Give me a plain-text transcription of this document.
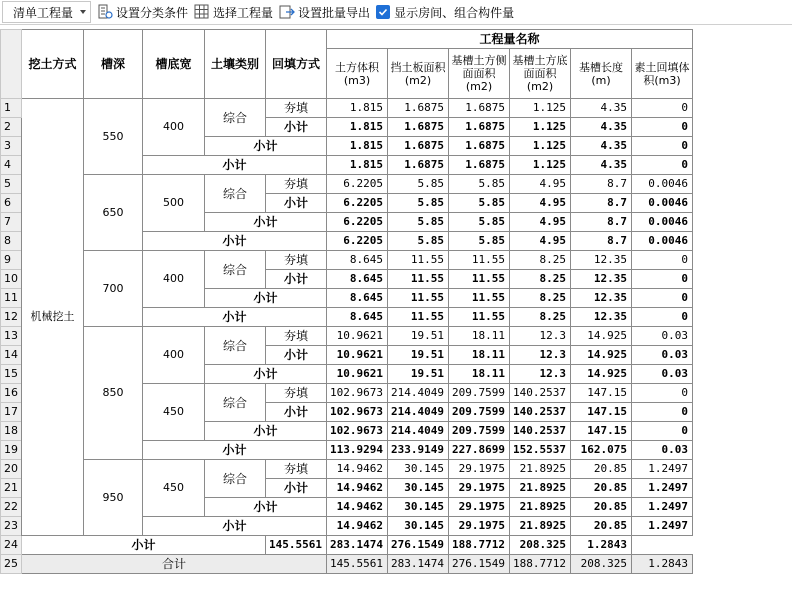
清单工程量	设置分类条件 选择工程量 设置批量导出 显示房间、组合构件量
	挖土方式	槽深	槽底宽	土壤类别	回填方式	工程量名称					
						土方体积(m3)	挡土板面积(m2)	基槽土方侧面面积(m2)	基槽土方底面面积(m2)	基槽长度(m)	素土回填体积(m3)
1	机械挖土	550	400	综合	夯填	1.815	1.6875	1.6875	1.125	4.35	0
2					小计	1.815	1.6875	1.6875	1.125	4.35	0
3				小计		1.815	1.6875	1.6875	1.125	4.35	0
4			小计			1.815	1.6875	1.6875	1.125	4.35	0
5		650	500	综合	夯填	6.2205	5.85	5.85	4.95	8.7	0.0046
6					小计	6.2205	5.85	5.85	4.95	8.7	0.0046
7				小计		6.2205	5.85	5.85	4.95	8.7	0.0046
8			小计			6.2205	5.85	5.85	4.95	8.7	0.0046
9		700	400	综合	夯填	8.645	11.55	11.55	8.25	12.35	0
10					小计	8.645	11.55	11.55	8.25	12.35	0
11				小计		8.645	11.55	11.55	8.25	12.35	0
12			小计			8.645	11.55	11.55	8.25	12.35	0
13		850	400	综合	夯填	10.9621	19.51	18.11	12.3	14.925	0.03
14					小计	10.9621	19.51	18.11	12.3	14.925	0.03
15				小计		10.9621	19.51	18.11	12.3	14.925	0.03
16			450	综合	夯填	102.9673	214.4049	209.7599	140.2537	147.15	0
17					小计	102.9673	214.4049	209.7599	140.2537	147.15	0
18				小计		102.9673	214.4049	209.7599	140.2537	147.15	0
19			小计			113.9294	233.9149	227.8699	152.5537	162.075	0.03
20		950	450	综合	夯填	14.9462	30.145	29.1975	21.8925	20.85	1.2497
21					小计	14.9462	30.145	29.1975	21.8925	20.85	1.2497
22				小计		14.9462	30.145	29.1975	21.8925	20.85	1.2497
23			小计			14.9462	30.145	29.1975	21.8925	20.85	1.2497
24	小计				145.5561	283.1474	276.1549	188.7712	208.325	1.2843	
25	合计					145.5561	283.1474	276.1549	188.7712	208.325	1.2843
